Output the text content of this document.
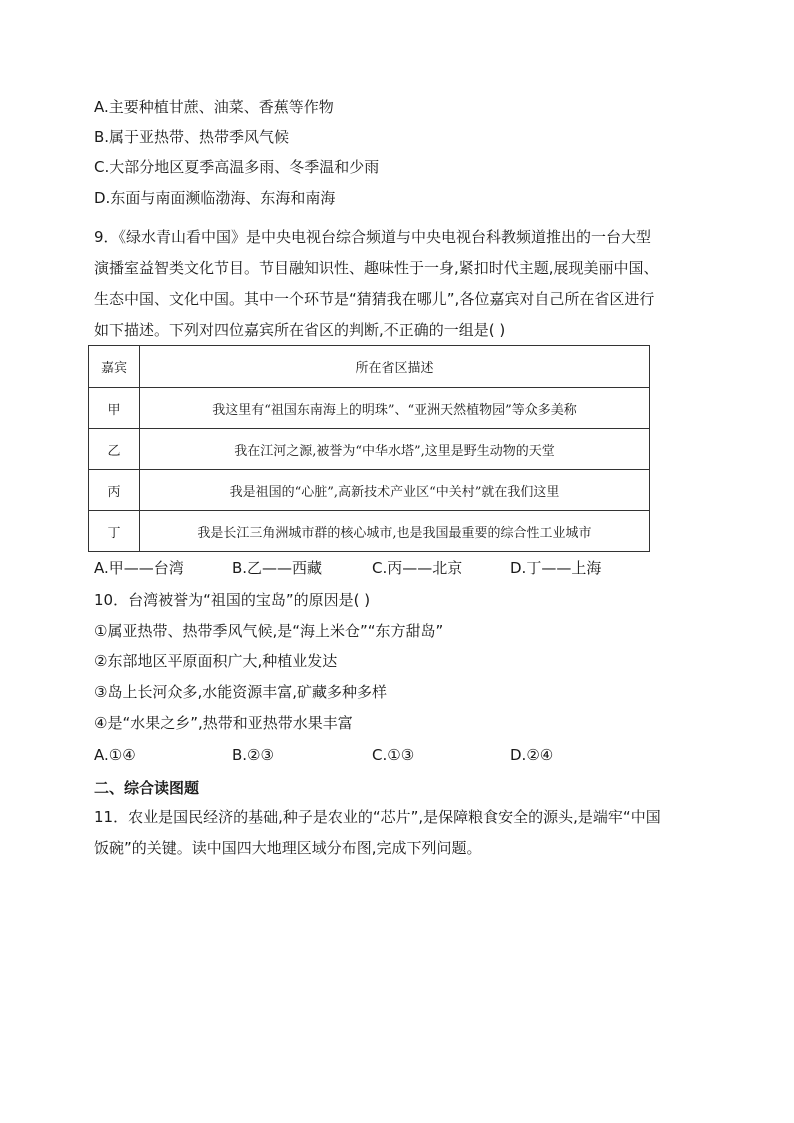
A.主要种植甘蔗、油菜、香蕉等作物
B.属于亚热带、热带季风气候
C.大部分地区夏季高温多雨、冬季温和少雨
D.东面与南面濒临渤海、东海和南海

9．《绿水青山看中国》是中央电视台综合频道与中央电视台科教频道推出的一台大型

演播室益智类文化节目。节目融知识性、趣味性于一身,紧扣时代主题,展现美丽中国、

生态中国、文化中国。其中一个环节是“猜猜我在哪儿”,各位嘉宾对自己所在省区进行

如下描述。下列对四位嘉宾所在省区的判断,不正确的一组是( )

嘉宾	所在省区描述
甲	我这里有“祖国东南海上的明珠”、“亚洲天然植物园”等众多美称
乙	我在江河之源,被誉为“中华水塔”,这里是野生动物的天堂
丙	我是祖国的“心脏”,高新技术产业区“中关村”就在我们这里
丁	我是长江三角洲城市群的核心城市,也是我国最重要的综合性工业城市
A.甲——台湾	B.乙——西藏	C.丙——北京	D.丁——上海
10．台湾被誉为“祖国的宝岛”的原因是( )
①属亚热带、热带季风气候,是“海上米仓”“东方甜岛”
②东部地区平原面积广大,种植业发达
③岛上长河众多,水能资源丰富,矿藏多种多样
④是“水果之乡”,热带和亚热带水果丰富
A.①④	B.②③	C.①③	D.②④
二、综合读图题

11．农业是国民经济的基础,种子是农业的“芯片”,是保障粮食安全的源头,是端牢“中国

饭碗”的关键。读中国四大地理区域分布图,完成下列问题。
